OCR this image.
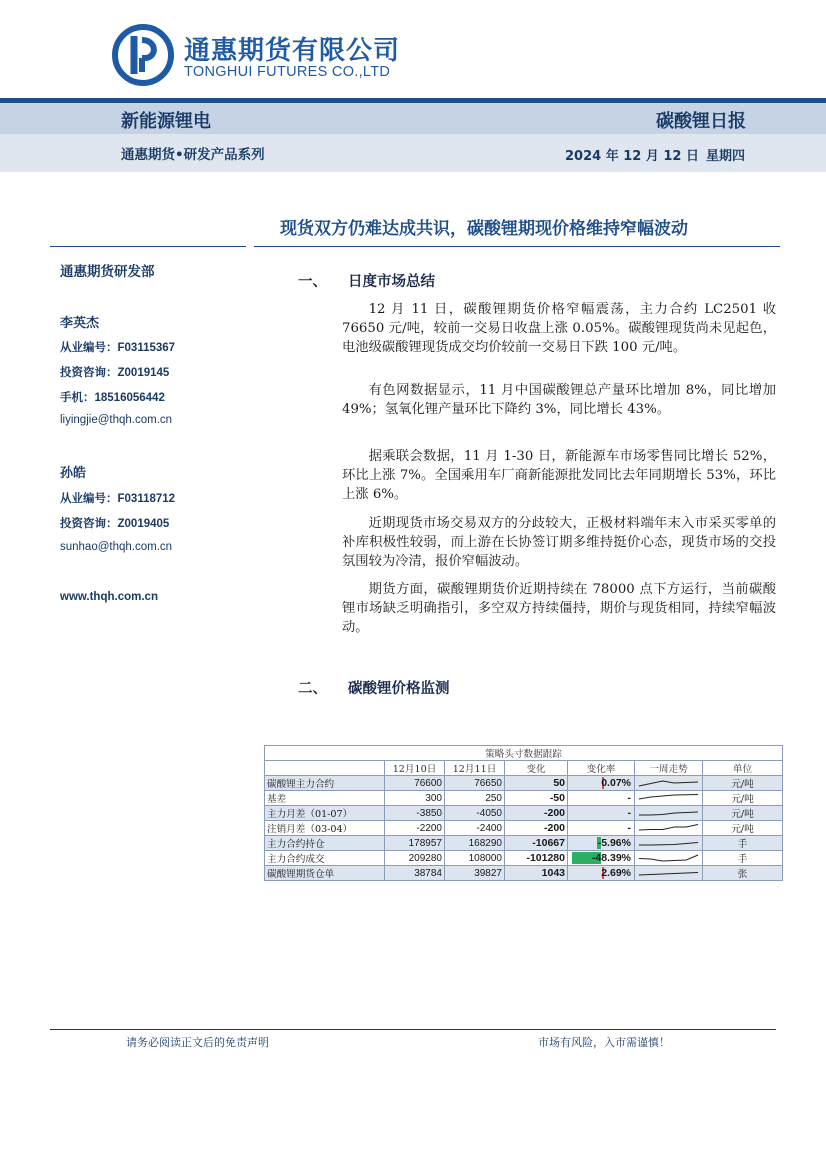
通惠期货有限公司
TONGHUI FUTURES CO.,LTD
新能源锂电	碳酸锂日报
通惠期货•研发产品系列	2024 年 12 月 12 日 星期四
现货双方仍难达成共识，碳酸锂期现价格维持窄幅波动
通惠期货研发部
李英杰
从业编号：F03115367
投资咨询：Z0019145
手机：18516056442
liyingjie@thqh.com.cn
孙皓
从业编号：F03118712
投资咨询：Z0019405
sunhao@thqh.com.cn
www.thqh.com.cn
一、 日度市场总结

12 月 11 日，碳酸锂期货价格窄幅震荡，主力合约 LC2501 收 76650 元/吨，较前一交易日收盘上涨 0.05%。碳酸锂现货尚未见起色，电池级碳酸锂现货成交均价较前一交易日下跌 100 元/吨。

有色网数据显示，11 月中国碳酸锂总产量环比增加 8%，同比增加 49%；氢氧化锂产量环比下降约 3%，同比增长 43%。

据乘联会数据，11 月 1-30 日，新能源车市场零售同比增长 52%，环比上涨 7%。全国乘用车厂商新能源批发同比去年同期增长 53%，环比上涨 6%。

近期现货市场交易双方的分歧较大，正极材料端年末入市采买零单的补库积极性较弱，而上游在长协签订期多维持挺价心态，现货市场的交投氛围较为冷清，报价窄幅波动。

期货方面，碳酸锂期货价近期持续在 78000 点下方运行，当前碳酸锂市场缺乏明确指引，多空双方持续僵持，期价与现货相同，持续窄幅波动。

二、 碳酸锂价格监测
策略头寸数据跟踪						
	12月10日	12月11日	变化	变化率	一周走势	单位
碳酸锂主力合约	76600	76650	50	0.07%		元/吨
基差	300	250	-50	-		元/吨
主力月差（01-07）	-3850	-4050	-200	-		元/吨
注销月差（03-04）	-2200	-2400	-200	-		元/吨
主力合约持仓	178957	168290	-10667	-5.96%		手
主力合约成交	209280	108000	-101280	-48.39%		手
碳酸锂期货仓单	38784	39827	1043	2.69%		张
请务必阅读正文后的免责声明	市场有风险，入市需谨慎！
